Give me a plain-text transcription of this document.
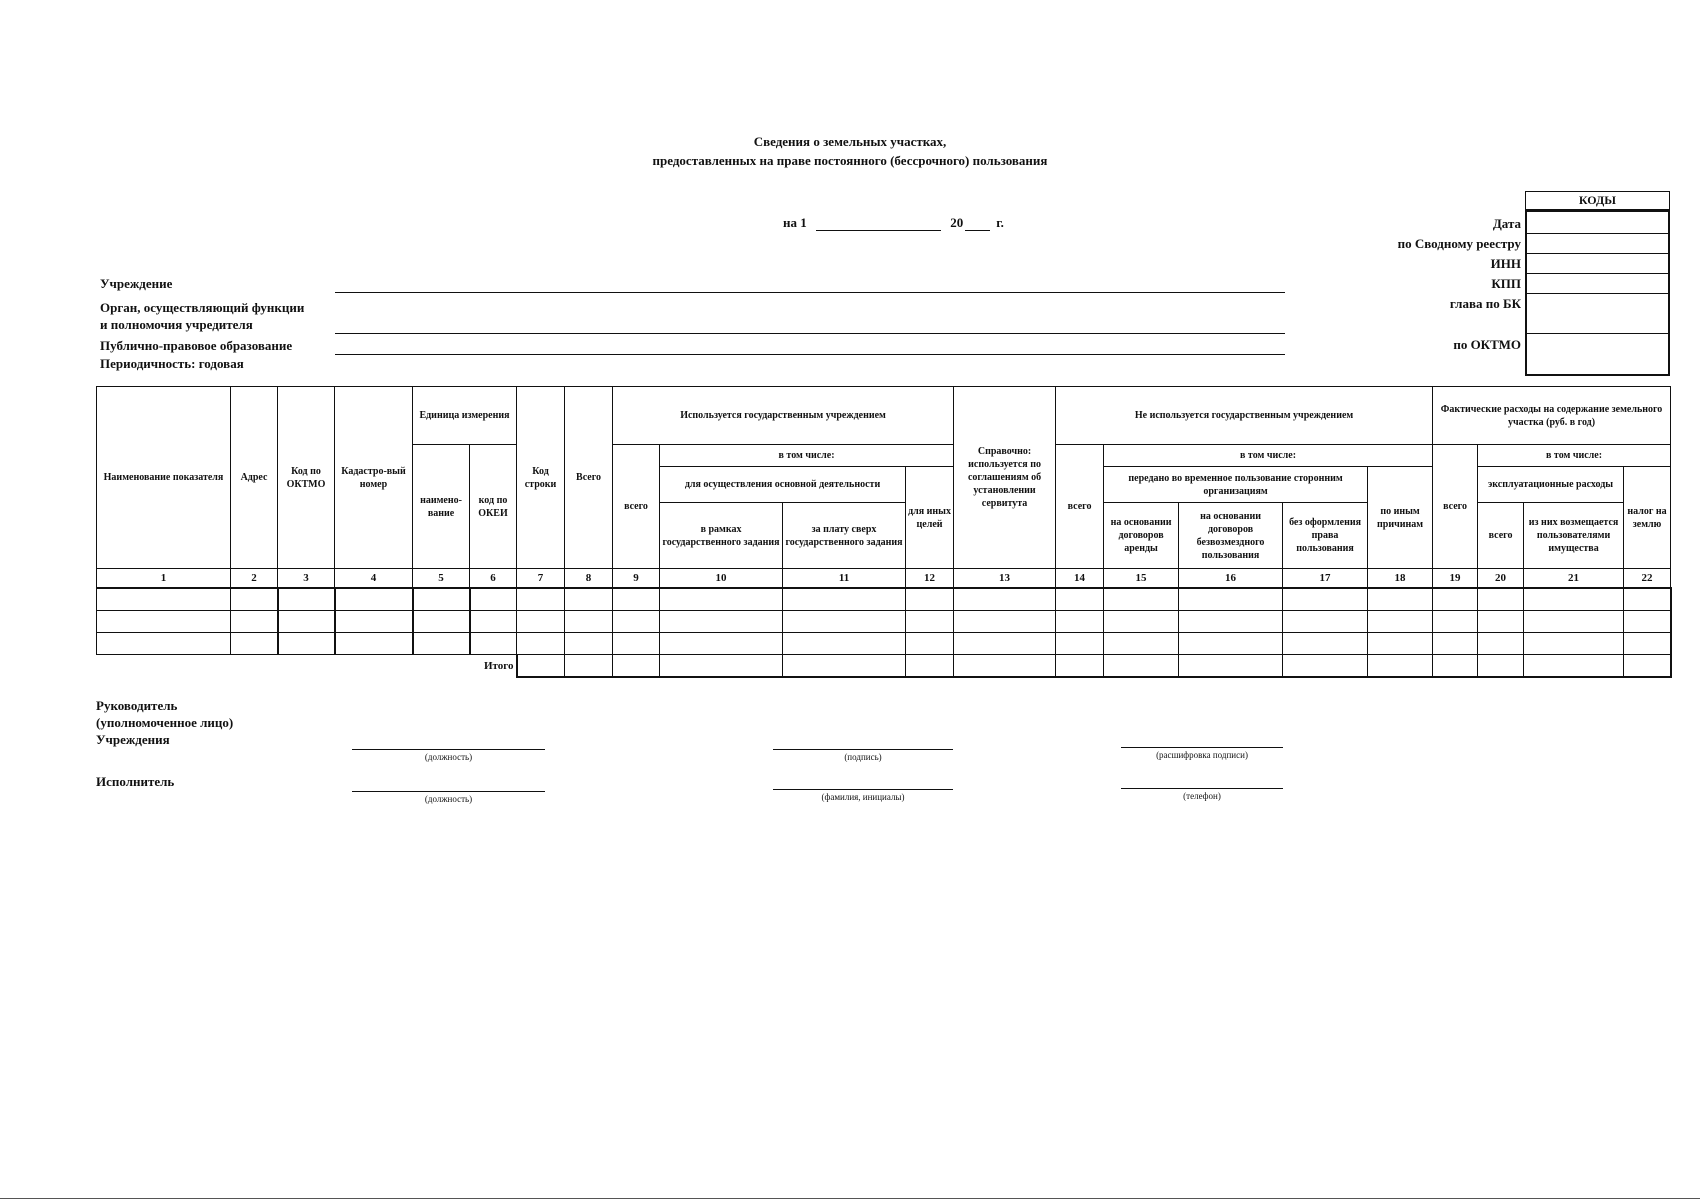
Сведения о земельных участках,
предоставленных на праве постоянного (бессрочного) пользования
на 1	20	г.
Учреждение
Орган, осуществляющий функции
и полномочия учредителя
Публично-правовое образование
Периодичность: годовая
КОДЫ
Дата
по Сводному реестру
ИНН
КПП
глава по БК
по ОКТМО
Наименование показателя	Адрес	Код по ОКТМО	Кадастро-вый номер	Единица измерения		Код строки	Всего	Используется государственным учреждением				Справочно: используется по соглашениям об установлении сервитута	Не используется государственным учреждением					Фактические расходы на содержание земельного участка (руб. в год)			
				наимено-вание	код по ОКЕИ			всего	в том числе:				всего	в том числе:				всего	в том числе:		
									для осуществления основной деятельности		для иных целей			передано во временное пользование сторонним организациям			по иным причинам		эксплуатационные расходы		налог на землю
									в рамках государственного задания	за плату сверх государственного задания				на основании договоров аренды	на основании договоров безвозмездного пользования	без оформления права пользования			всего	из них возмещается пользователями имущества	
1	2	3	4	5	6	7	8	9	10	11	12	13	14	15	16	17	18	19	20	21	22

Итого																					
Руководитель
(уполномоченное лицо)
Учреждения
Исполнитель
(должность)	(подпись)	(расшифровка подписи)
(должность)	(фамилия, инициалы)	(телефон)
